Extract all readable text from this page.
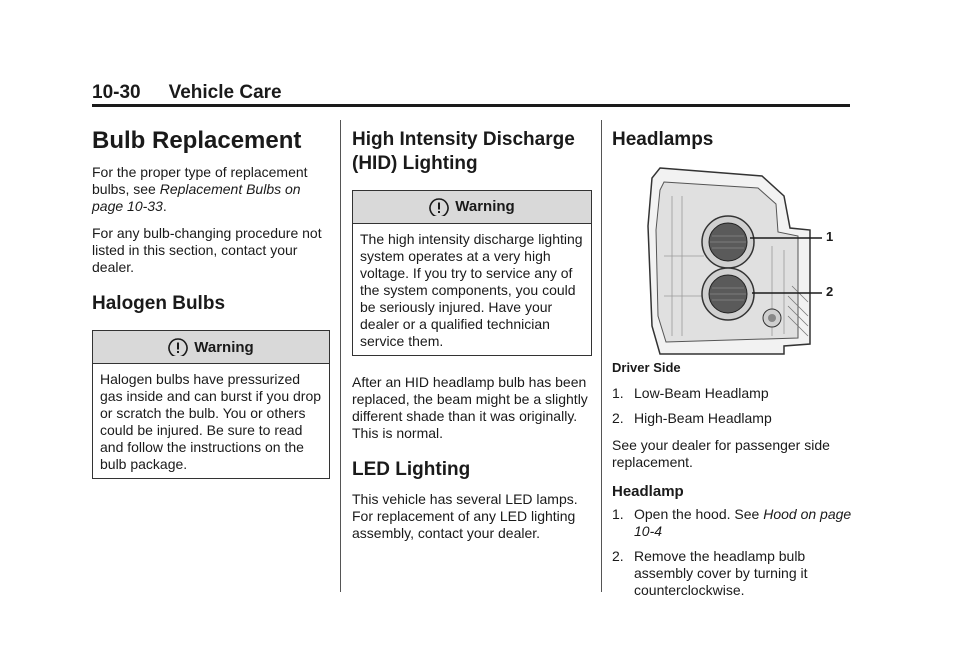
10-30 Vehicle Care
Bulb Replacement

For the proper type of replacement bulbs, see Replacement Bulbs on page 10-33.

For any bulb-changing procedure not listed in this section, contact your dealer.

Halogen Bulbs
Warning
Halogen bulbs have pressurized gas inside and can burst if you drop or scratch the bulb. You or others could be injured. Be sure to read and follow the instructions on the bulb package.
High Intensity Discharge (HID) Lighting
Warning
The high intensity discharge lighting system operates at a very high voltage. If you try to service any of the system components, you could be seriously injured. Have your dealer or a qualified technician service them.

After an HID headlamp bulb has been replaced, the beam might be a slightly different shade than it was originally. This is normal.

LED Lighting

This vehicle has several LED lamps. For replacement of any LED lighting assembly, contact your dealer.

Headlamps
1
2
Driver Side
1. Low-Beam Headlamp
2. High-Beam Headlamp

See your dealer for passenger side replacement.

Headlamp
1. Open the hood. See Hood on page 10-4
2. Remove the headlamp bulb assembly cover by turning it counterclockwise.
